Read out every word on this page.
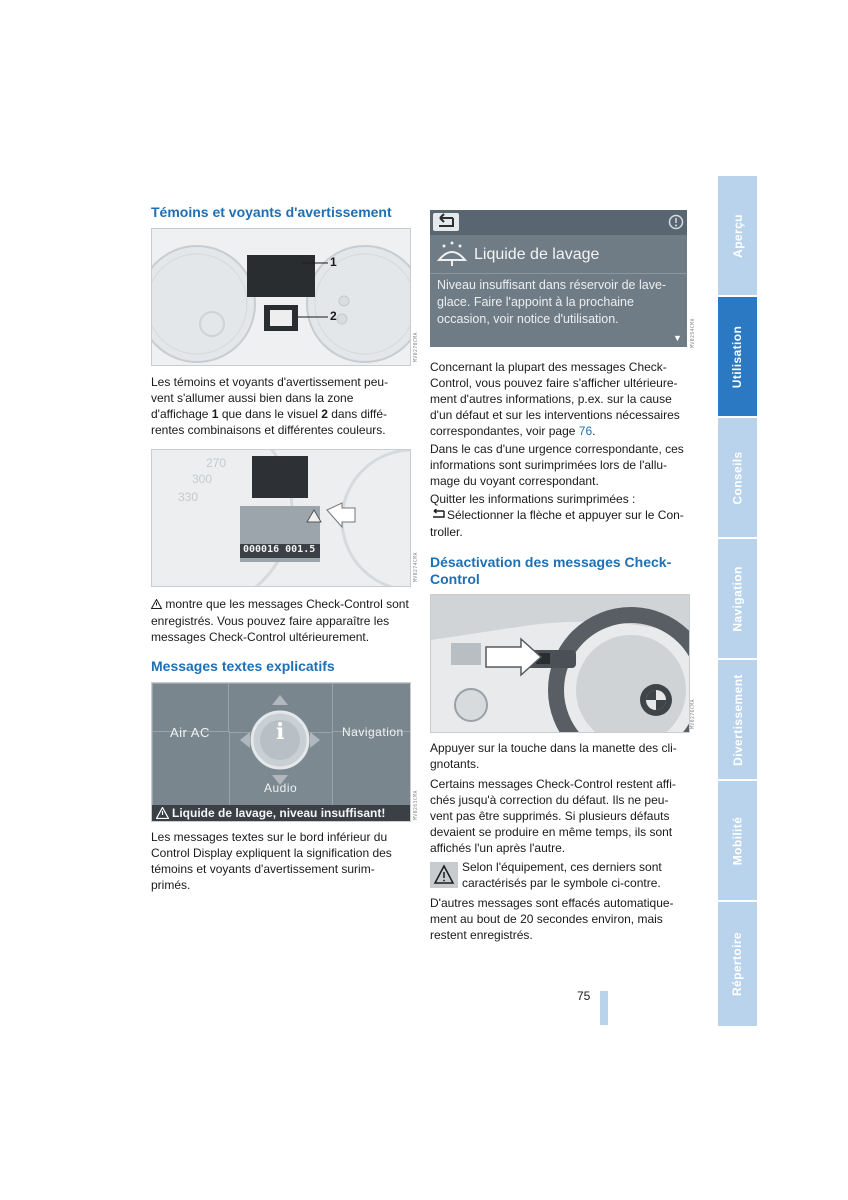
Témoins et voyants d'avertissement
1
2
MV0270CMA
Les témoins et voyants d'avertissement peu-vent s'allumer aussi bien dans la zone d'affichage 1 que dans le visuel 2 dans diffé-rentes combinaisons et différentes couleurs.
270
300
330
000016 001.5
MV0274CMA
montre que les messages Check-Control sont enregistrés. Vous pouvez faire apparaître les messages Check-Control ultérieurement.
Messages textes explicatifs
i
Air AC	Navigation
Audio
Liquide de lavage, niveau insuffisant!	MV0263CMA
Les messages textes sur le bord inférieur du Control Display expliquent la signification des témoins et voyants d'avertissement surim-primés.
Liquide de lavage
Niveau insuffisant dans réservoir de lave-glace. Faire l'appoint à la prochaine occasion, voir notice d'utilisation.
▼ MV0254CMA
Concernant la plupart des messages Check-Control, vous pouvez faire s'afficher ultérieure-ment d'autres informations, p.ex. sur la cause d'un défaut et sur les interventions nécessaires correspondantes, voir page 76.
Dans le cas d'une urgence correspondante, ces informations sont surimprimées lors de l'allu-mage du voyant correspondant.
Quitter les informations surimprimées :
Sélectionner la flèche et appuyer sur le Con-troller.
Désactivation des messages Check-Control
MV0276CMA
Appuyer sur la touche dans la manette des cli-gnotants.
Certains messages Check-Control restent affi-chés jusqu'à correction du défaut. Ils ne peu-vent pas être supprimés. Si plusieurs défauts devaient se produire en même temps, ils sont affichés l'un après l'autre.
Selon l'équipement, ces derniers sont caractérisés par le symbole ci-contre.
D'autres messages sont effacés automatique-ment au bout de 20 secondes environ, mais restent enregistrés.
75
Aperçu
Utilisation
Conseils
Navigation
Divertissement
Mobilité
Répertoire
